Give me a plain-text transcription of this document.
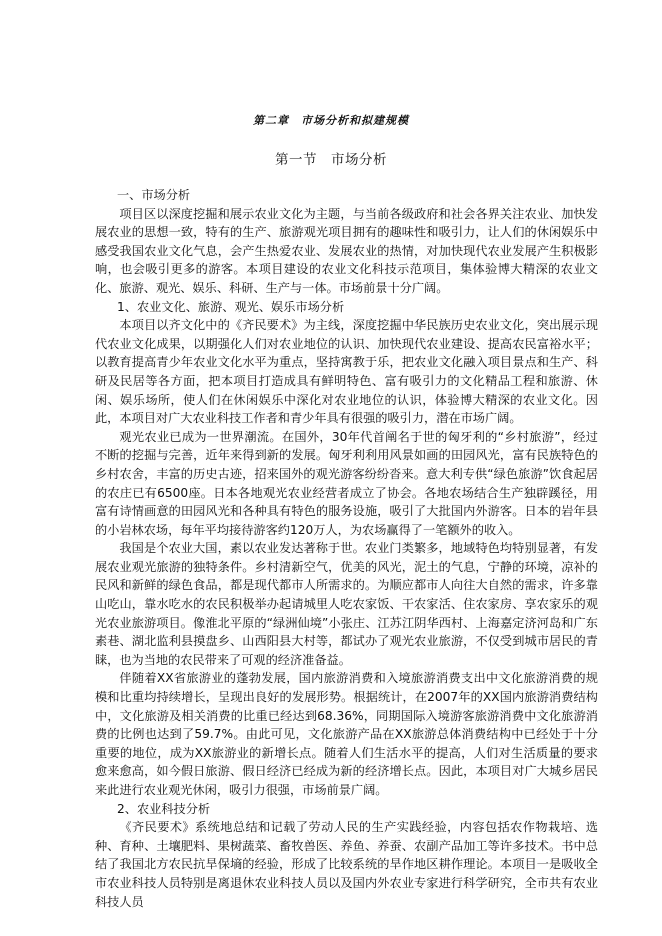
第二章　市场分析和拟建规模
第一节　市场分析

一、市场分析

项目区以深度挖掘和展示农业文化为主题，与当前各级政府和社会各界关注农业、加快发展农业的思想一致，特有的生产、旅游观光项目拥有的趣味性和吸引力，让人们的休闲娱乐中感受我国农业文化气息，会产生热爱农业、发展农业的热情，对加快现代农业发展产生积极影响，也会吸引更多的游客。本项目建设的农业文化科技示范项目，集体验博大精深的农业文化、旅游、观光、娱乐、科研、生产与一体。市场前景十分广阔。

1、农业文化、旅游、观光、娱乐市场分析

本项目以齐文化中的《齐民要术》为主线，深度挖掘中华民族历史农业文化，突出展示现代农业文化成果，以期强化人们对农业地位的认识、加快现代农业建设、提高农民富裕水平；以教育提高青少年农业文化水平为重点，坚持寓教于乐，把农业文化融入项目景点和生产、科研及民居等各方面，把本项目打造成具有鲜明特色、富有吸引力的文化精品工程和旅游、休闲、娱乐场所，使人们在休闲娱乐中深化对农业地位的认识，体验博大精深的农业文化。因此，本项目对广大农业科技工作者和青少年具有很强的吸引力，潜在市场广阔。

观光农业已成为一世界潮流。在国外，30年代首阐名于世的匈牙利的“乡村旅游”，经过不断的挖掘与完善，近年来得到新的发展。匈牙利利用风景如画的田园风光，富有民族特色的乡村农舍，丰富的历史古迹，招来国外的观光游客纷纷沓来。意大利专供“绿色旅游”饮食起居的农庄已有6500座。日本各地观光农业经营者成立了协会。各地农场结合生产独辟蹊径，用富有诗情画意的田园风光和各种具有特色的服务设施，吸引了大批国内外游客。日本的岩年县的小岩林农场，每年平均接待游客约120万人，为农场赢得了一笔额外的收入。

我国是个农业大国，素以农业发达著称于世。农业门类繁多，地域特色均特别显著，有发展农业观光旅游的独特条件。乡村清新空气，优美的风光，泥土的气息，宁静的环境，凉补的民风和新鲜的绿色食品，都是现代都市人所需求的。为顺应都市人向往大自然的需求，许多靠山吃山，靠水吃水的农民积极举办起请城里人吃农家饭、干农家活、住农家房、享农家乐的观光农业旅游项目。像淮北平原的“绿洲仙境”小张庄、江苏江阴华西村、上海嘉定济河岛和广东素巷、湖北监利县摸盘乡、山西阳县大村等，都试办了观光农业旅游，不仅受到城市居民的青睐，也为当地的农民带来了可观的经济准备益。

伴随着XX省旅游业的蓬勃发展，国内旅游消费和入境旅游消费支出中文化旅游消费的规模和比重均持续增长，呈现出良好的发展形势。根据统计，在2007年的XX国内旅游消费结构中，文化旅游及相关消费的比重已经达到68.36%，同期国际入境游客旅游消费中文化旅游消费的比例也达到了59.7%。由此可见，文化旅游产品在XX旅游总体消费结构中已经处于十分重要的地位，成为XX旅游业的新增长点。随着人们生活水平的提高，人们对生活质量的要求愈来愈高，如今假日旅游、假日经济已经成为新的经济增长点。因此，本项目对广大城乡居民来此进行农业观光休闲，吸引力很强，市场前景广阔。

2、农业科技分析

《齐民要术》系统地总结和记载了劳动人民的生产实践经验，内容包括农作物栽培、选种、育种、土壤肥料、果树蔬菜、畜牧兽医、养鱼、养蚕、农副产品加工等许多技术。书中总结了我国北方农民抗旱保墒的经验，形成了比较系统的旱作地区耕作理论。本项目一是吸收全市农业科技人员特别是离退休农业科技人员以及国内外农业专家进行科学研究，全市共有农业科技人员
